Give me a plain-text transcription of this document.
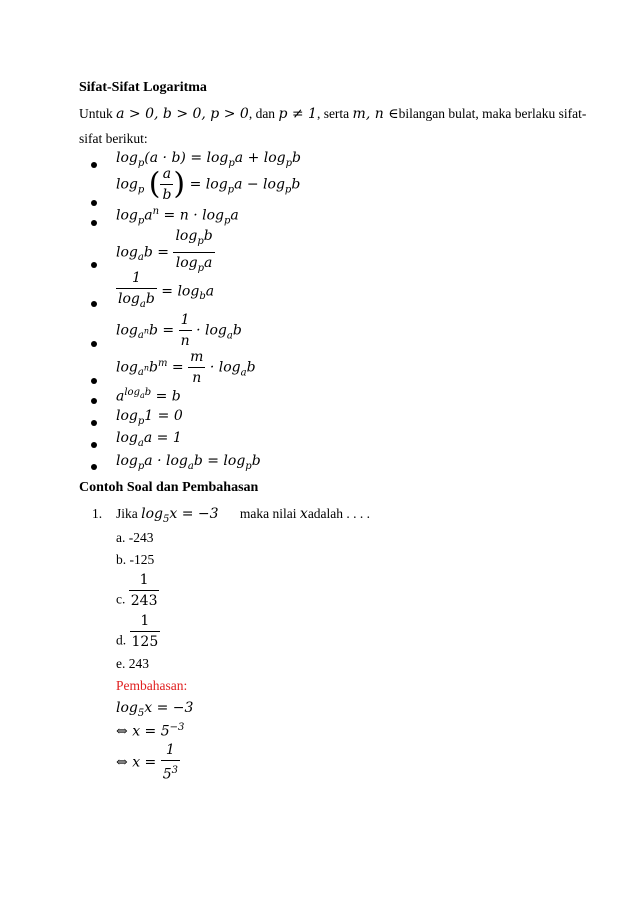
Sifat-Sifat Logaritma
Untuk a > 0, b > 0, p > 0, dan p ≠ 1, serta m, n ∈bilangan bulat, maka berlaku sifat-
sifat berikut:
$\log_p(a \cdot b) = \log_pa + \log_pb$
$\log_p$ ( $\frac{a}{b}$ ) = $\log_pa - \log_pb$
$\log_pa^n = n \cdot \log_pa$
$\log_ab = \frac{\log_pb}{\log_pa}$
$\frac{1}{\log_ab} = \log_ba$
$\log_{a^n}b = \frac{1}{n} \cdot \log_ab$
$\log_{a^n}b^m = \frac{m}{n} \cdot \log_ab$
$a^{log_ab} = b$
$\log_p1 = 0$
$\log_aa = 1$
$\log_pa \cdot \log_ab = \log_pb$
Contoh Soal dan Pembahasan
1. Jika $\log_5x = -3$ maka nilai xadalah . . . .
a. -243
b. -125
c. $\frac{1}{243}$
d. $\frac{1}{125}$
e. 243
Pembahasan:
$\log_5x = -3$
⇔ $x = 5^{-3}$
⇔ $x = \frac{1}{5^3}$
